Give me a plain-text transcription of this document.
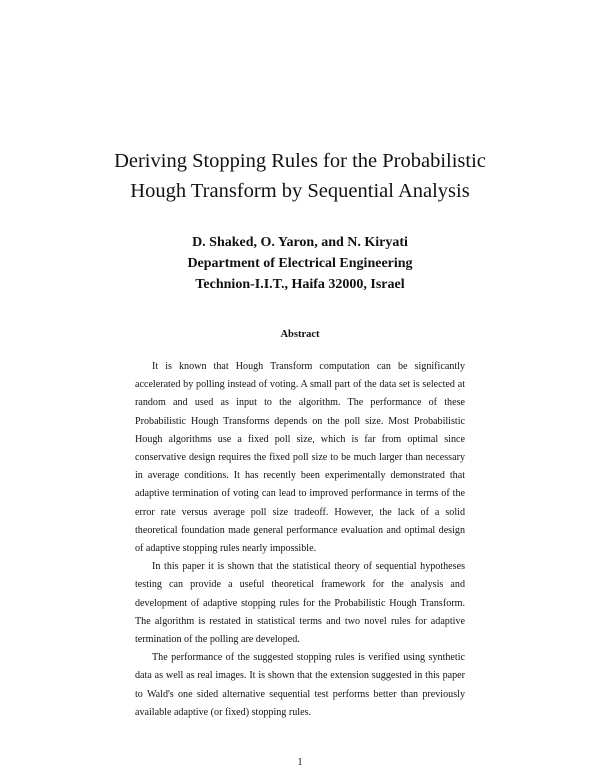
Deriving Stopping Rules for the Probabilistic
Hough Transform by Sequential Analysis
D. Shaked, O. Yaron, and N. Kiryati
Department of Electrical Engineering
Technion-I.I.T., Haifa 32000, Israel
Abstract

It is known that Hough Transform computation can be significantly accelerated by polling instead of voting. A small part of the data set is selected at random and used as input to the algorithm. The performance of these Probabilistic Hough Transforms depends on the poll size. Most Probabilistic Hough algorithms use a fixed poll size, which is far from optimal since conservative design requires the fixed poll size to be much larger than necessary in average conditions. It has recently been experimentally demonstrated that adaptive termination of voting can lead to improved performance in terms of the error rate versus average poll size tradeoff. However, the lack of a solid theoretical foundation made general performance evaluation and optimal design of adaptive stopping rules nearly impossible.

In this paper it is shown that the statistical theory of sequential hypotheses testing can provide a useful theoretical framework for the analysis and development of adaptive stopping rules for the Probabilistic Hough Transform. The algorithm is restated in statistical terms and two novel rules for adaptive termination of the polling are developed.

The performance of the suggested stopping rules is verified using synthetic data as well as real images. It is shown that the extension suggested in this paper to Wald's one sided alternative sequential test performs better than previously available adaptive (or fixed) stopping rules.

1
